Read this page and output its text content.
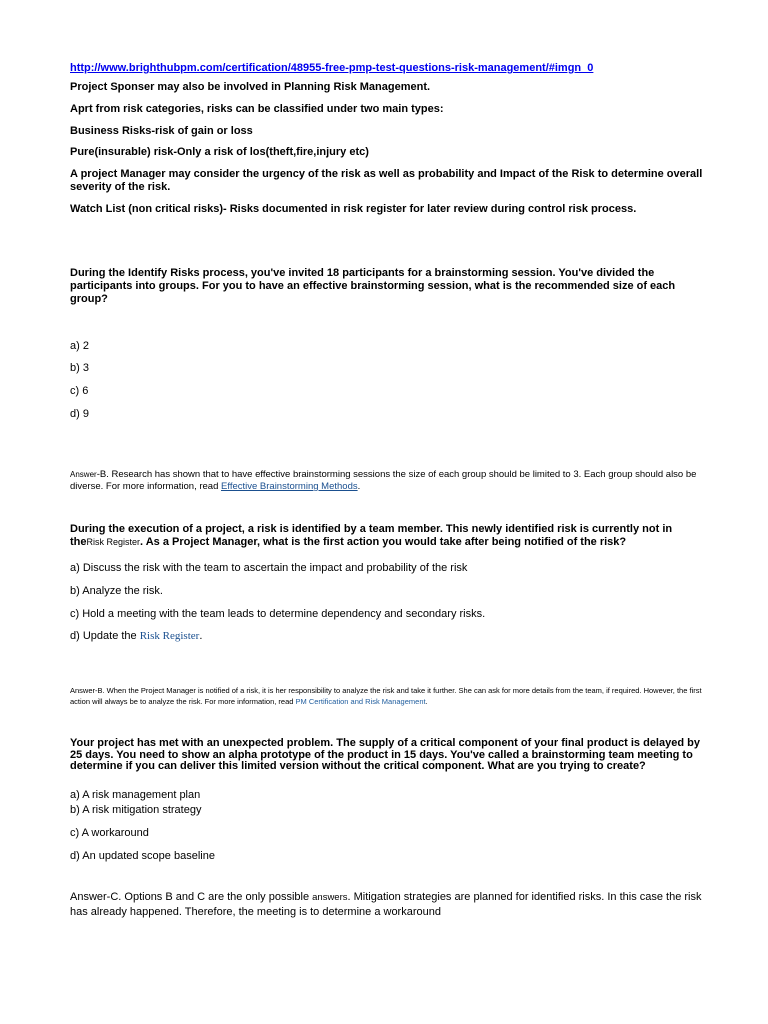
http://www.brighthubpm.com/certification/48955-free-pmp-test-questions-risk-management/#imgn_0

Project Sponser may also be involved in Planning Risk Management.

Aprt from risk categories, risks can be classified under two main types:

Business Risks-risk of gain or loss

Pure(insurable) risk-Only a risk of los(theft,fire,injury etc)

A project Manager may consider the urgency of the risk as well as probability and Impact of the Risk to determine overall severity of the risk.

Watch List (non critical risks)- Risks documented in risk register for later review during control risk process.

During the Identify Risks process, you've invited 18 participants for a brainstorming session. You've divided the participants into groups. For you to have an effective brainstorming session, what is the recommended size of each group?

a) 2

b) 3

c) 6

d) 9

Answer-B. Research has shown that to have effective brainstorming sessions the size of each group should be limited to 3. Each group should also be diverse. For more information, read Effective Brainstorming Methods.

During the execution of a project, a risk is identified by a team member. This newly identified risk is currently not in theRisk Register. As a Project Manager, what is the first action you would take after being notified of the risk?

a) Discuss the risk with the team to ascertain the impact and probability of the risk

b) Analyze the risk.

c) Hold a meeting with the team leads to determine dependency and secondary risks.

d) Update the Risk Register.

Answer-B. When the Project Manager is notified of a risk, it is her responsibility to analyze the risk and take it further. She can ask for more details from the team, if required. However, the first action will always be to analyze the risk. For more information, read PM Certification and Risk Management.

Your project has met with an unexpected problem. The supply of a critical component of your final product is delayed by 25 days. You need to show an alpha prototype of the product in 15 days. You've called a brainstorming team meeting to determine if you can deliver this limited version without the critical component. What are you trying to create?

a) A risk management plan

b) A risk mitigation strategy

c) A workaround

d) An updated scope baseline

Answer-C. Options B and C are the only possible answers. Mitigation strategies are planned for identified risks. In this case the risk has already happened. Therefore, the meeting is to determine a workaround
